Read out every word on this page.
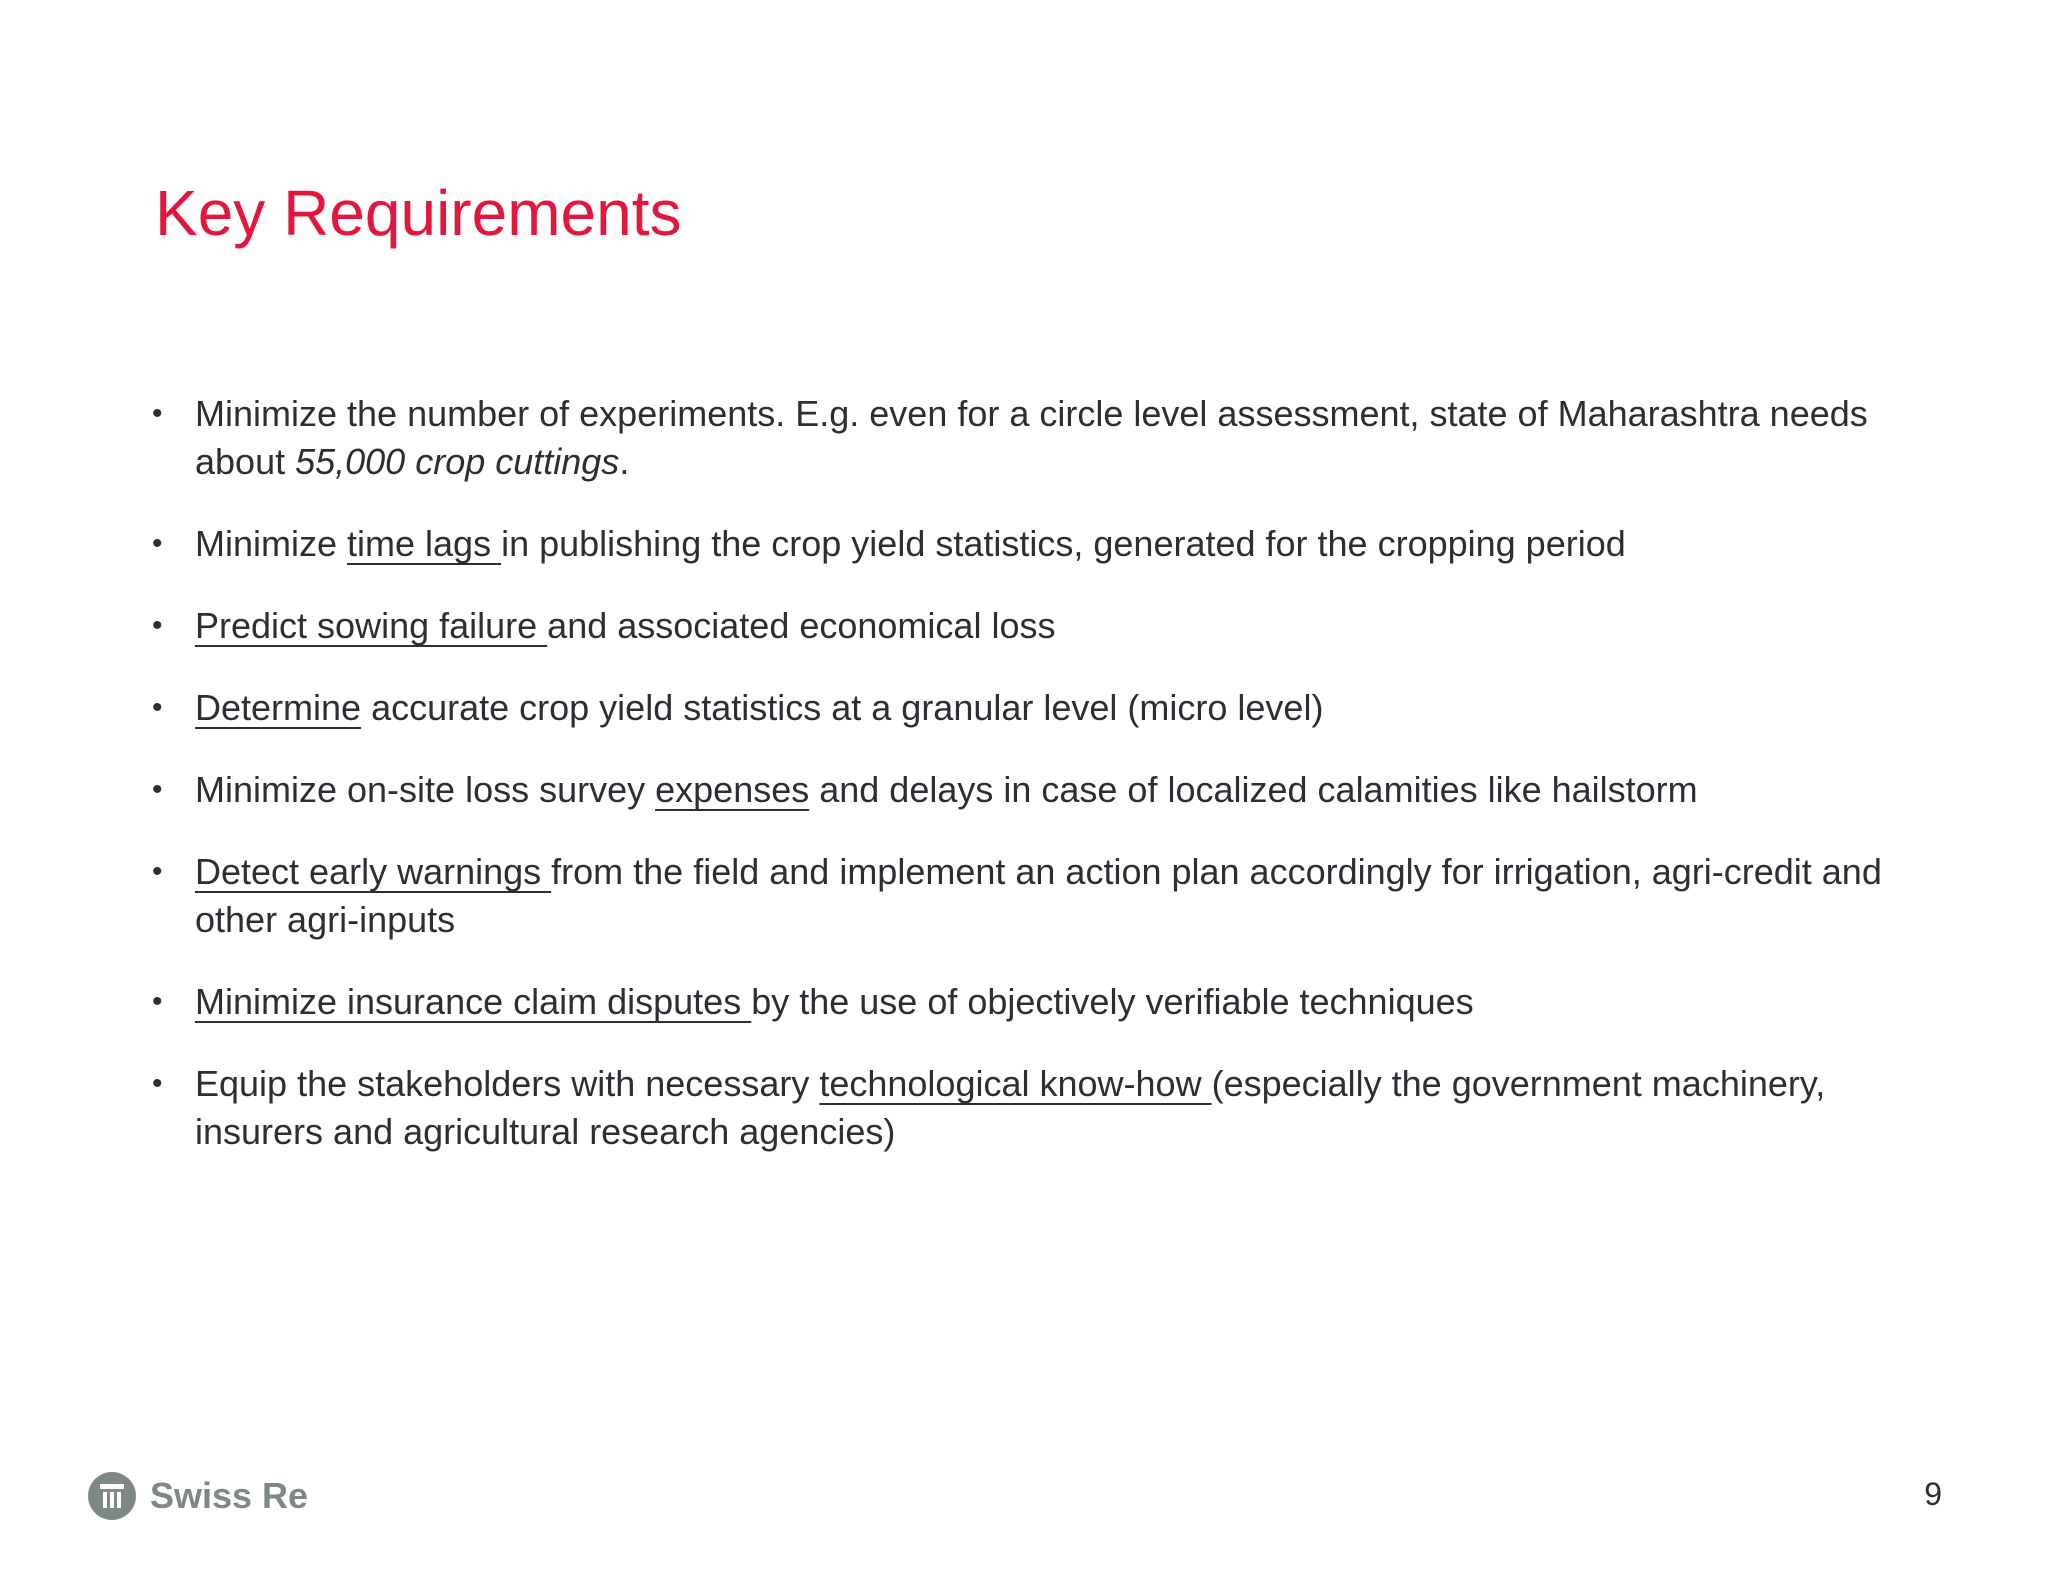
Key Requirements
• Minimize the number of experiments. E.g. even for a circle level assessment, state of Maharashtra needs about 55,000 crop cuttings.
• Minimize time lags in publishing the crop yield statistics, generated for the cropping period
• Predict sowing failure and associated economical loss
• Determine accurate crop yield statistics at a granular level (micro level)
• Minimize on-site loss survey expenses and delays in case of localized calamities like hailstorm
• Detect early warnings from the field and implement an action plan accordingly for irrigation, agri-credit and other agri-inputs
• Minimize insurance claim disputes by the use of objectively verifiable techniques
• Equip the stakeholders with necessary technological know-how (especially the government machinery, insurers and agricultural research agencies)
Swiss Re	9
